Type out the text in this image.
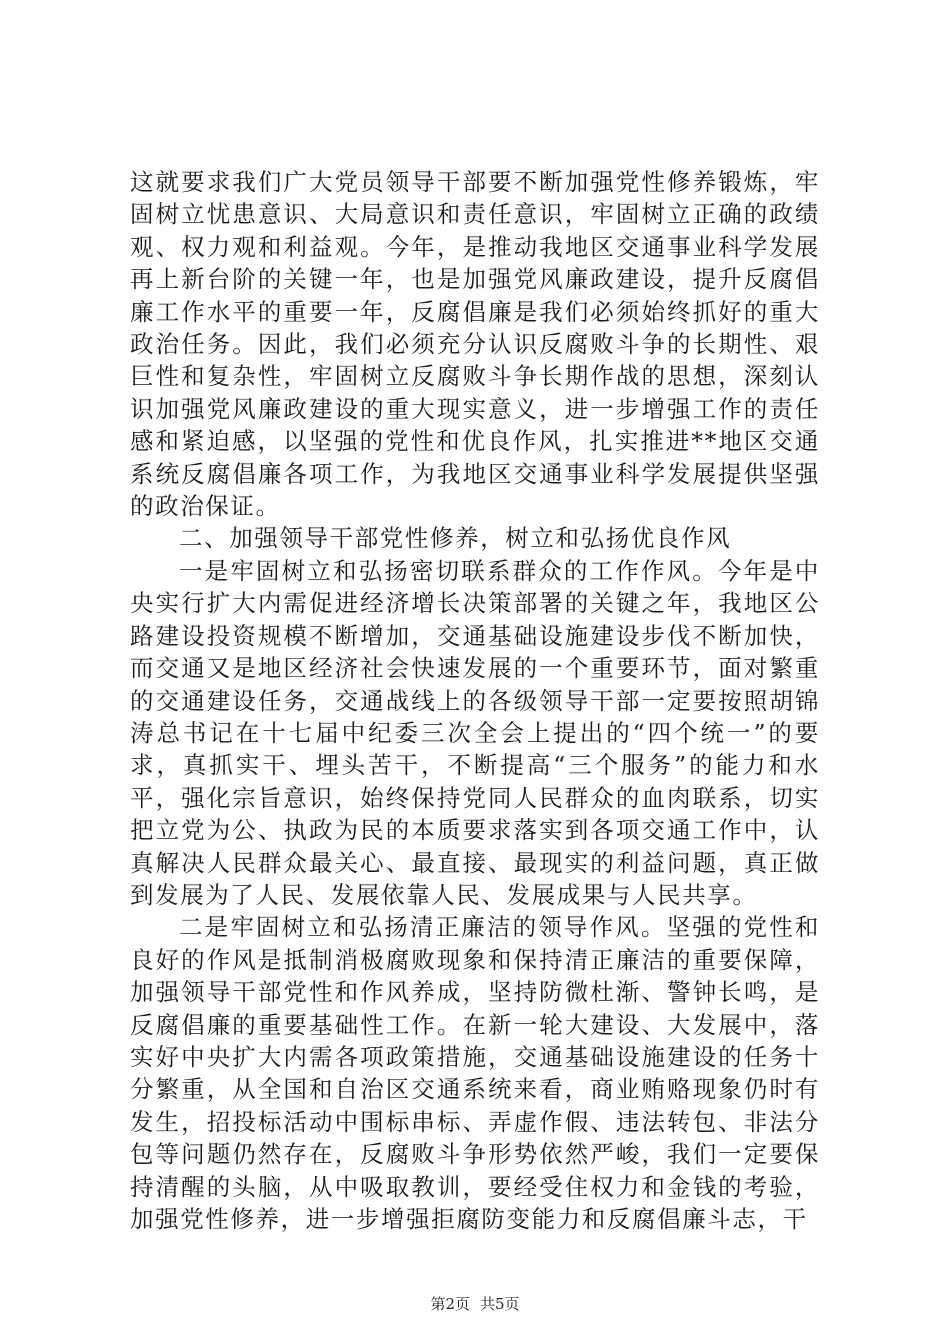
这就要求我们广大党员领导干部要不断加强党性修养锻炼，牢固树立忧患意识、大局意识和责任意识，牢固树立正确的政绩观、权力观和利益观。今年，是推动我地区交通事业科学发展再上新台阶的关键一年，也是加强党风廉政建设，提升反腐倡廉工作水平的重要一年，反腐倡廉是我们必须始终抓好的重大政治任务。因此，我们必须充分认识反腐败斗争的长期性、艰巨性和复杂性，牢固树立反腐败斗争长期作战的思想，深刻认识加强党风廉政建设的重大现实意义，进一步增强工作的责任感和紧迫感，以坚强的党性和优良作风，扎实推进**地区交通系统反腐倡廉各项工作，为我地区交通事业科学发展提供坚强的政治保证。

二、加强领导干部党性修养，树立和弘扬优良作风

一是牢固树立和弘扬密切联系群众的工作作风。今年是中央实行扩大内需促进经济增长决策部署的关键之年，我地区公路建设投资规模不断增加，交通基础设施建设步伐不断加快，而交通又是地区经济社会快速发展的一个重要环节，面对繁重的交通建设任务，交通战线上的各级领导干部一定要按照胡锦涛总书记在十七届中纪委三次全会上提出的“四个统一”的要求，真抓实干、埋头苦干，不断提高“三个服务”的能力和水平，强化宗旨意识，始终保持党同人民群众的血肉联系，切实把立党为公、执政为民的本质要求落实到各项交通工作中，认真解决人民群众最关心、最直接、最现实的利益问题，真正做到发展为了人民、发展依靠人民、发展成果与人民共享。

二是牢固树立和弘扬清正廉洁的领导作风。坚强的党性和良好的作风是抵制消极腐败现象和保持清正廉洁的重要保障，加强领导干部党性和作风养成，坚持防微杜渐、警钟长鸣，是反腐倡廉的重要基础性工作。在新一轮大建设、大发展中，落实好中央扩大内需各项政策措施，交通基础设施建设的任务十分繁重，从全国和自治区交通系统来看，商业贿赂现象仍时有发生，招投标活动中围标串标、弄虚作假、违法转包、非法分包等问题仍然存在，反腐败斗争形势依然严峻，我们一定要保持清醒的头脑，从中吸取教训，要经受住权力和金钱的考验，加强党性修养，进一步增强拒腐防变能力和反腐倡廉斗志，干

第2页 共5页
